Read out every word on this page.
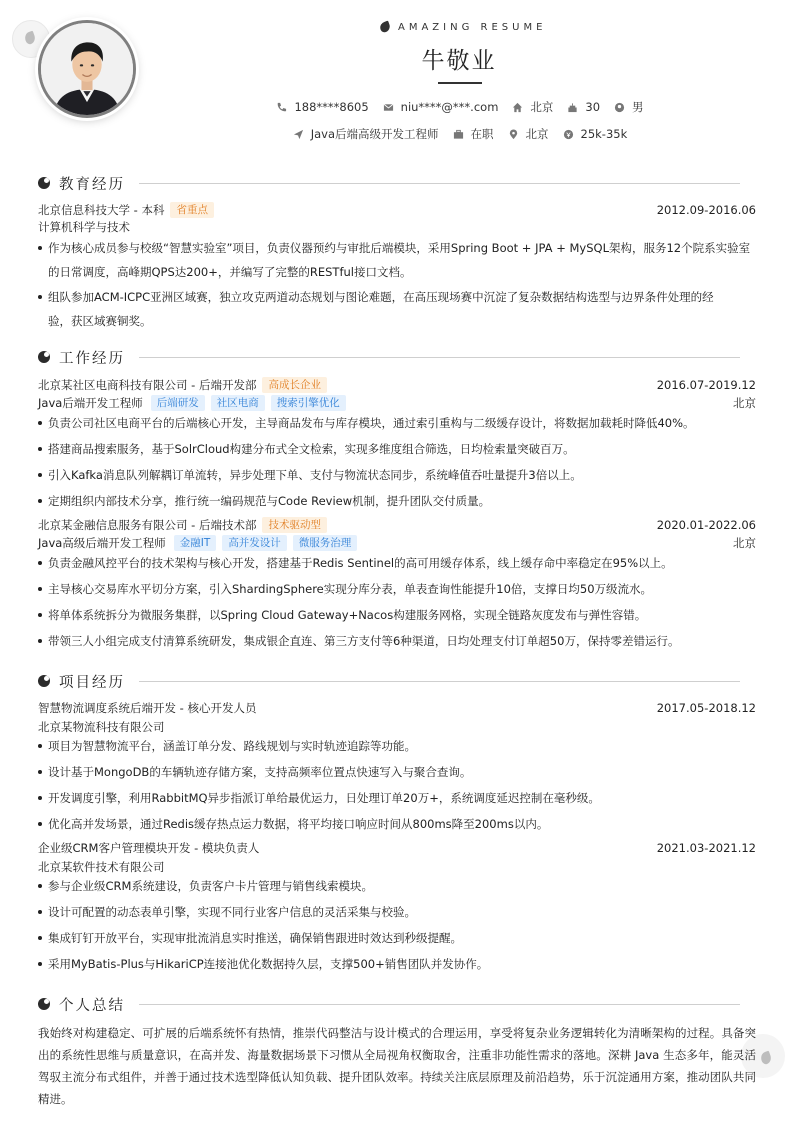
AMAZING RESUME
牛敬业
188****8605	niu****@***.com	北京	30	男
Java后端高级开发工程师	在职	北京	25k-35k
教育经历
北京信息科技大学 - 本科	省重点	2012.09-2016.06
计算机科学与技术
作为核心成员参与校级“智慧实验室”项目，负责仪器预约与审批后端模块，采用Spring Boot + JPA + MySQL架构，服务12个院系实验室
的日常调度，高峰期QPS达200+，并编写了完整的RESTful接口文档。
组队参加ACM-ICPC亚洲区域赛，独立攻克两道动态规划与图论难题，在高压现场赛中沉淀了复杂数据结构选型与边界条件处理的经
验，获区域赛铜奖。
工作经历
北京某社区电商科技有限公司 - 后端开发部	高成长企业	2016.07-2019.12
Java后端开发工程师	后端研发	社区电商	搜索引擎优化	北京
负责公司社区电商平台的后端核心开发，主导商品发布与库存模块，通过索引重构与二级缓存设计，将数据加载耗时降低40%。
搭建商品搜索服务，基于SolrCloud构建分布式全文检索，实现多维度组合筛选，日均检索量突破百万。
引入Kafka消息队列解耦订单流转，异步处理下单、支付与物流状态同步，系统峰值吞吐量提升3倍以上。
定期组织内部技术分享，推行统一编码规范与Code Review机制，提升团队交付质量。
北京某金融信息服务有限公司 - 后端技术部	技术驱动型	2020.01-2022.06
Java高级后端开发工程师	金融IT	高并发设计	微服务治理	北京
负责金融风控平台的技术架构与核心开发，搭建基于Redis Sentinel的高可用缓存体系，线上缓存命中率稳定在95%以上。
主导核心交易库水平切分方案，引入ShardingSphere实现分库分表，单表查询性能提升10倍，支撑日均50万级流水。
将单体系统拆分为微服务集群，以Spring Cloud Gateway+Nacos构建服务网格，实现全链路灰度发布与弹性容错。
带领三人小组完成支付清算系统研发，集成银企直连、第三方支付等6种渠道，日均处理支付订单超50万，保持零差错运行。
项目经历
智慧物流调度系统后端开发 - 核心开发人员	2017.05-2018.12
北京某物流科技有限公司
项目为智慧物流平台，涵盖订单分发、路线规划与实时轨迹追踪等功能。
设计基于MongoDB的车辆轨迹存储方案，支持高频率位置点快速写入与聚合查询。
开发调度引擎，利用RabbitMQ异步指派订单给最优运力，日处理订单20万+，系统调度延迟控制在毫秒级。
优化高并发场景，通过Redis缓存热点运力数据，将平均接口响应时间从800ms降至200ms以内。
企业级CRM客户管理模块开发 - 模块负责人	2021.03-2021.12
北京某软件技术有限公司
参与企业级CRM系统建设，负责客户卡片管理与销售线索模块。
设计可配置的动态表单引擎，实现不同行业客户信息的灵活采集与校验。
集成钉钉开放平台，实现审批流消息实时推送，确保销售跟进时效达到秒级提醒。
采用MyBatis-Plus与HikariCP连接池优化数据持久层，支撑500+销售团队并发协作。
个人总结
我始终对构建稳定、可扩展的后端系统怀有热情，推崇代码整洁与设计模式的合理运用，享受将复杂业务逻辑转化为清晰架构的过程。具备突出的系统性思维与质量意识，在高并发、海量数据场景下习惯从全局视角权衡取舍，注重非功能性需求的落地。深耕 Java 生态多年，能灵活驾驭主流分布式组件，并善于通过技术选型降低认知负载、提升团队效率。持续关注底层原理及前沿趋势，乐于沉淀通用方案，推动团队共同精进。
